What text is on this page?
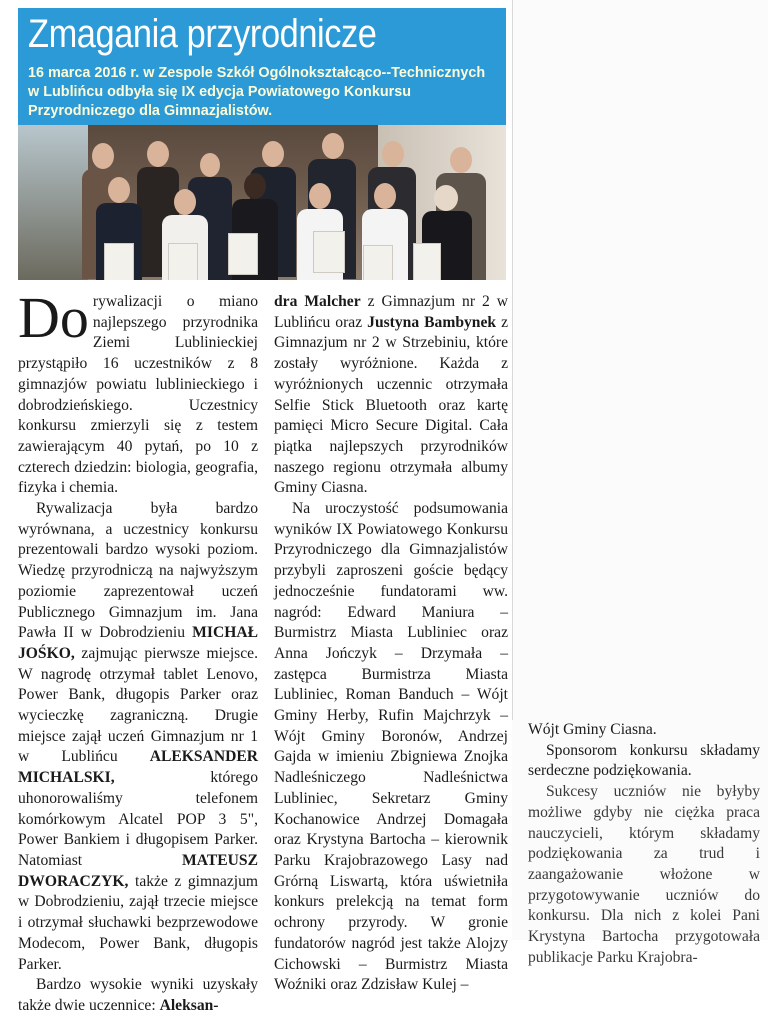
Zmagania przyrodnicze

16 marca 2016 r. w Zespole Szkół Ogólnokształcąco--Technicznych w Lublińcu odbyła się IX edycja Powiatowego Konkursu Przyrodniczego dla Gimnazjalistów.

Do rywalizacji o miano najlepszego przyrodnika Ziemi Lublinieckiej przystąpiło 16 uczestników z 8 gimnazjów powiatu lublinieckiego i dobrodzieńskiego. Uczestnicy konkursu zmierzyli się z testem zawierającym 40 pytań, po 10 z czterech dziedzin: biologia, geografia, fizyka i chemia.

Rywalizacja była bardzo wyrównana, a uczestnicy konkursu prezentowali bardzo wysoki poziom. Wiedzę przyrodniczą na najwyższym poziomie zaprezentował uczeń Publicznego Gimnazjum im. Jana Pawła II w Dobrodzieniu MICHAŁ JOŚKO, zajmując pierwsze miejsce. W nagrodę otrzymał tablet Lenovo, Power Bank, długopis Parker oraz wycieczkę zagraniczną. Drugie miejsce zajął uczeń Gimnazjum nr 1 w Lublińcu ALEKSANDER MICHALSKI, którego uhonorowaliśmy telefonem komórkowym Alcatel POP 3 5", Power Bankiem i długopisem Parker. Natomiast MATEUSZ DWORACZYK, także z gimnazjum w Dobrodzieniu, zajął trzecie miejsce i otrzymał słuchawki bezprzewodowe Modecom, Power Bank, długopis Parker.

Bardzo wysokie wyniki uzyskały także dwie uczennice: Aleksan-

dra Malcher z Gimnazjum nr 2 w Lublińcu oraz Justyna Bambynek z Gimnazjum nr 2 w Strzebiniu, które zostały wyróżnione. Każda z wyróżnionych uczennic otrzymała Selfie Stick Bluetooth oraz kartę pamięci Micro Secure Digital. Cała piątka najlepszych przyrodników naszego regionu otrzymała albumy Gminy Ciasna.

Na uroczystość podsumowania wyników IX Powiatowego Konkursu Przyrodniczego dla Gimnazjalistów przybyli zaproszeni goście będący jednocześnie fundatorami ww. nagród: Edward Maniura – Burmistrz Miasta Lubliniec oraz Anna Jończyk – Drzymała – zastępca Burmistrza Miasta Lubliniec, Roman Banduch – Wójt Gminy Herby, Rufin Majchrzyk – Wójt Gminy Boronów, Andrzej Gajda w imieniu Zbigniewa Znojka Nadleśniczego Nadleśnictwa Lubliniec, Sekretarz Gminy Kochanowice Andrzej Domagała oraz Krystyna Bartocha – kierownik Parku Krajobrazowego Lasy nad Grórną Liswartą, która uświetniła konkurs prelekcją na temat form ochrony przyrody. W gronie fundatorów nagród jest także Alojzy Cichowski – Burmistrz Miasta Woźniki oraz Zdzisław Kulej –

Wójt Gminy Ciasna.

Sponsorom konkursu składamy serdeczne podziękowania.

Sukcesy uczniów nie byłyby możliwe gdyby nie ciężka praca nauczycieli, którym składamy podziękowania za trud i zaangażowanie włożone w przygotowywanie uczniów do konkursu. Dla nich z kolei Pani Krystyna Bartocha przygotowała publikacje Parku Krajobra-
